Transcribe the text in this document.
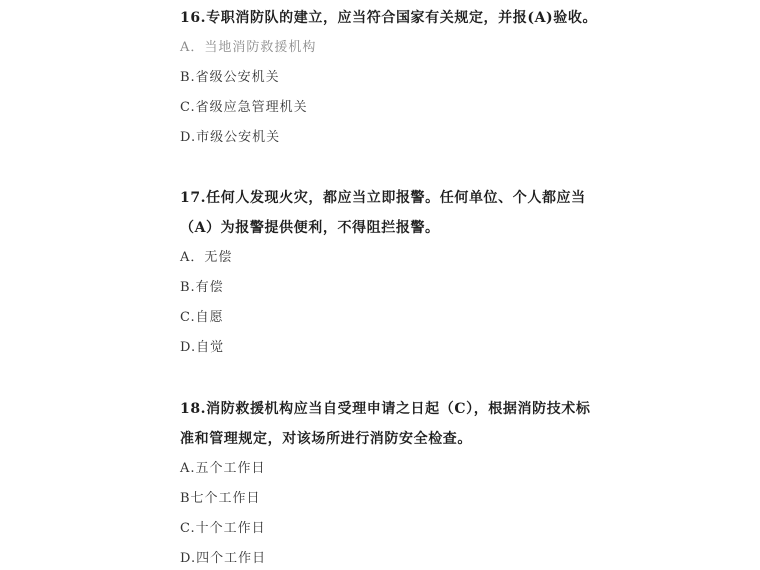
16.专职消防队的建立，应当符合国家有关规定，并报(A)验收。
A．当地消防救援机构
B.省级公安机关
C.省级应急管理机关
D.市级公安机关
17.任何人发现火灾，都应当立即报警。任何单位、个人都应当
（A）为报警提供便利，不得阻拦报警。
A．无偿
B.有偿
C.自愿
D.自觉
18.消防救援机构应当自受理申请之日起（C），根据消防技术标
准和管理规定，对该场所进行消防安全检查。
A.五个工作日
B七个工作日
C.十个工作日
D.四个工作日
